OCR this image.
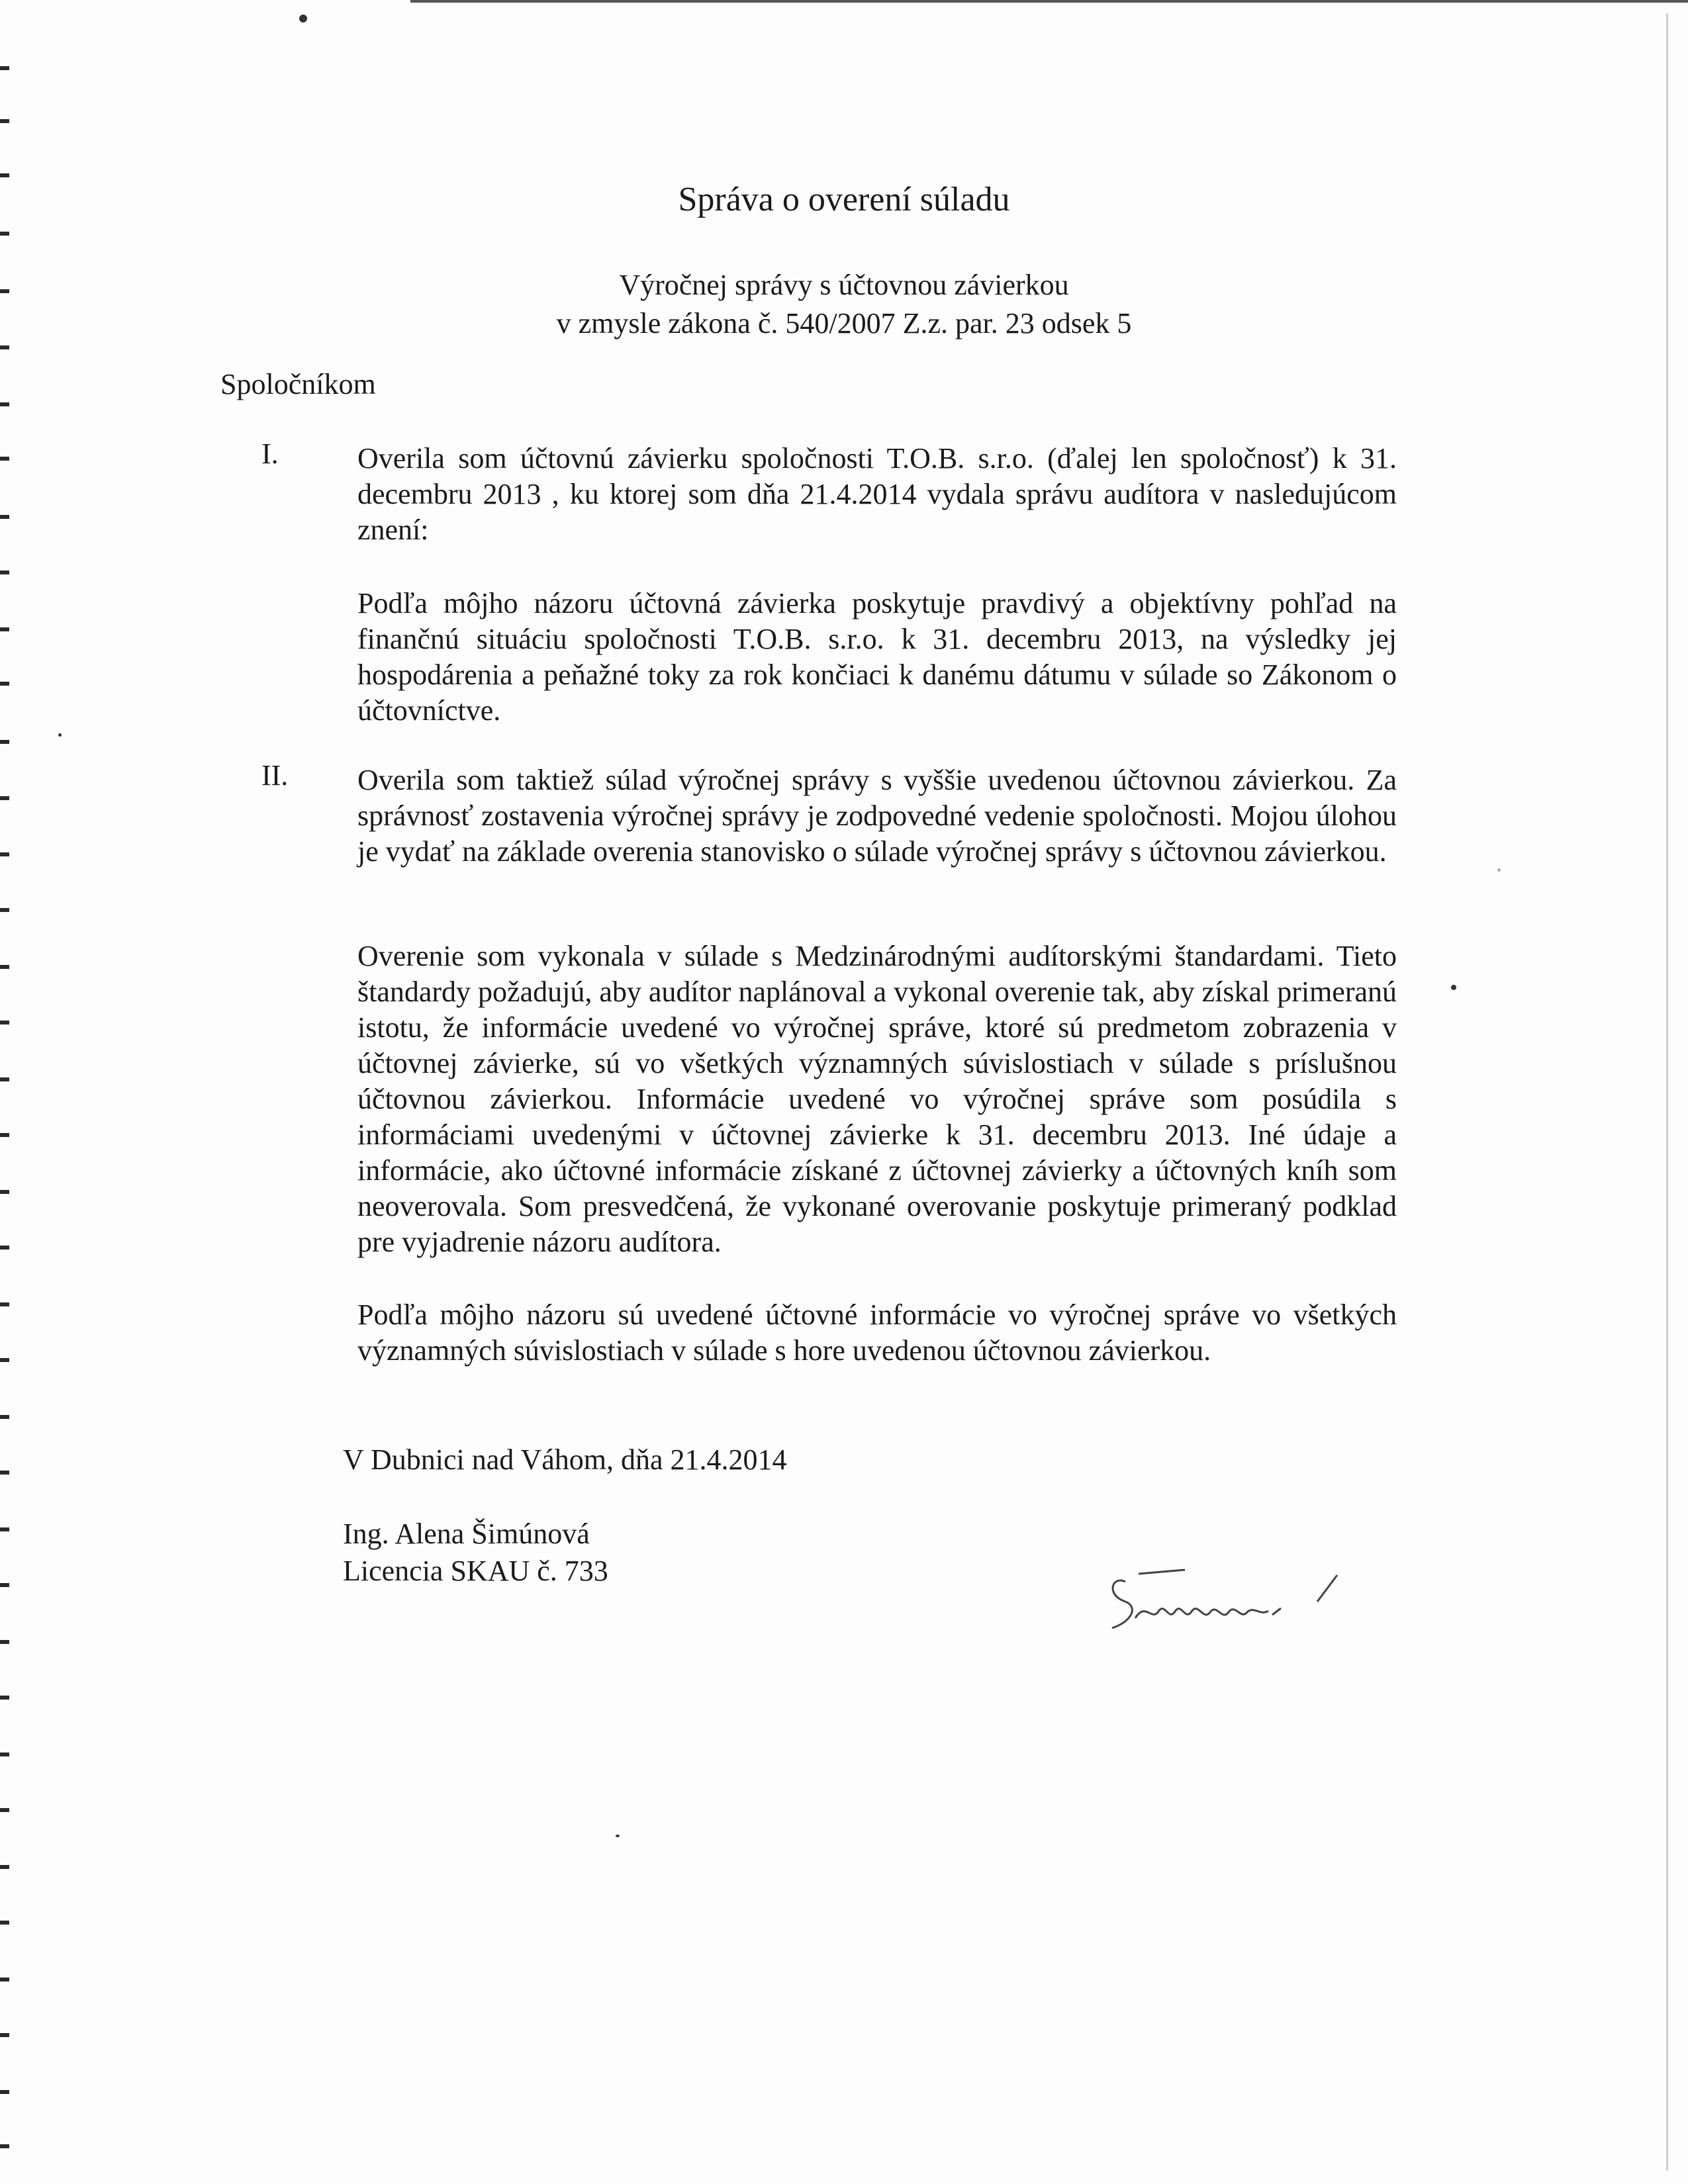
Správa o overení súladu
Výročnej správy s účtovnou závierkou
v zmysle zákona č. 540/2007 Z.z. par. 23 odsek 5

Spoločníkom

I.	Overila som účtovnú závierku spoločnosti T.O.B. s.r.o. (ďalej len spoločnosť) k 31. decembru 2013 , ku ktorej som dňa 21.4.2014 vydala správu audítora v nasledujúcom znení:

Podľa môjho názoru účtovná závierka poskytuje pravdivý a objektívny pohľad na finančnú situáciu spoločnosti T.O.B. s.r.o. k 31. decembru 2013, na výsledky jej hospodárenia a peňažné toky za rok končiaci k danému dátumu v súlade so Zákonom o účtovníctve.

II. Overila som taktiež súlad výročnej správy s vyššie uvedenou účtovnou závierkou. Za správnosť zostavenia výročnej správy je zodpovedné vedenie spoločnosti. Mojou úlohou je vydať na základe overenia stanovisko o súlade výročnej správy s účtovnou závierkou.

Overenie som vykonala v súlade s Medzinárodnými audítorskými štandardami. Tieto štandardy požadujú, aby audítor naplánoval a vykonal overenie tak, aby získal primeranú istotu, že informácie uvedené vo výročnej správe, ktoré sú predmetom zobrazenia v účtovnej závierke, sú vo všetkých významných súvislostiach v súlade s príslušnou účtovnou závierkou. Informácie uvedené vo výročnej správe som posúdila s informáciami uvedenými v účtovnej závierke k 31. decembru 2013. Iné údaje a informácie, ako účtovné informácie získané z účtovnej závierky a účtovných kníh som neoverovala. Som presvedčená, že vykonané overovanie poskytuje primeraný podklad pre vyjadrenie názoru audítora.

Podľa môjho názoru sú uvedené účtovné informácie vo výročnej správe vo všetkých významných súvislostiach v súlade s hore uvedenou účtovnou závierkou.

V Dubnici nad Váhom, dňa 21.4.2014

Ing. Alena Šimúnová
Licencia SKAU č. 733
